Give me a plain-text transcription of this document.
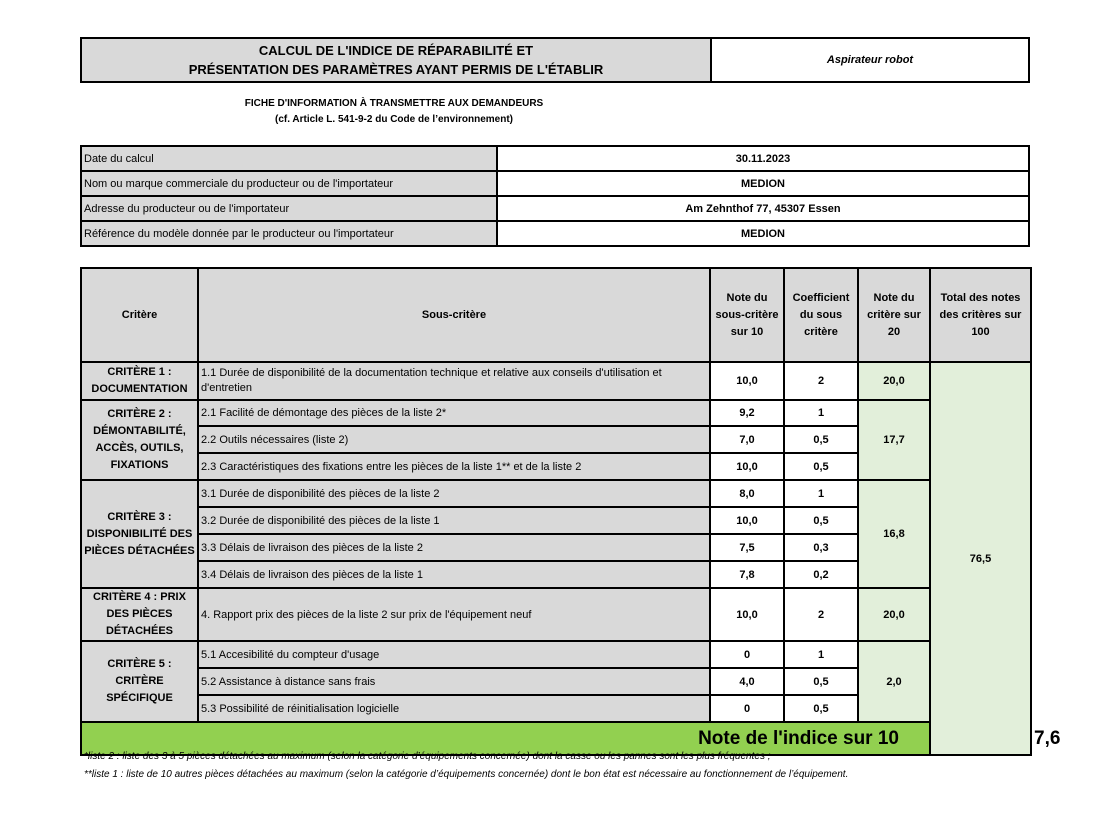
CALCUL DE L'INDICE DE RÉPARABILITÉ ET
PRÉSENTATION DES PARAMÈTRES AYANT PERMIS DE L'ÉTABLIR
Aspirateur robot
FICHE D'INFORMATION À TRANSMETTRE AUX DEMANDEURS
(cf. Article L. 541-9-2 du Code de l’environnement)
Date du calcul	30.11.2023
Nom ou marque commerciale du producteur ou de l'importateur	MEDION
Adresse du producteur ou de l'importateur	Am Zehnthof 77, 45307 Essen
Référence du modèle donnée par le producteur ou l'importateur	MEDION
Critère	Sous-critère	Note du sous-critère sur 10	Coefficient du sous critère	Note du critère sur 20	Total des notes des critères sur 100	
CRITÈRE 1 : DOCUMENTATION	1.1 Durée de disponibilité de la documentation technique et relative aux conseils d'utilisation et d'entretien	10,0	2	20,0	76,5	
CRITÈRE 2 : DÉMONTABILITÉ, ACCÈS, OUTILS, FIXATIONS	2.1 Facilité de démontage des pièces de la liste 2*	9,2	1	17,7		
	2.2 Outils nécessaires (liste 2)	7,0	0,5			
	2.3 Caractéristiques des fixations entre les pièces de la liste 1** et de la liste 2	10,0	0,5			
CRITÈRE 3 : DISPONIBILITÉ DES PIÈCES DÉTACHÉES	3.1 Durée de disponibilité des pièces de la liste 2	8,0	1	16,8		
	3.2 Durée de disponibilité des pièces de la liste 1	10,0	0,5			
	3.3 Délais de livraison des pièces de la liste 2	7,5	0,3			
	3.4 Délais de livraison des pièces de la liste 1	7,8	0,2			
CRITÈRE 4 : PRIX DES PIÈCES DÉTACHÉES	4. Rapport prix des pièces de la liste 2 sur prix de l'équipement neuf	10,0	2	20,0		
CRITÈRE 5 : CRITÈRE SPÉCIFIQUE	5.1 Accesibilité du compteur d'usage	0	1	2,0		
	5.2 Assistance à distance sans frais	4,0	0,5			
	5.3 Possibilité de réinitialisation logicielle	0	0,5			
Note de l'indice sur 10						7,6
*liste 2 : liste des 3 à 5 pièces détachées au maximum (selon la catégorie d’équipements concernée) dont la casse ou les pannes sont les plus fréquentes ;
**liste 1 : liste de 10 autres pièces détachées au maximum (selon la catégorie d’équipements concernée) dont le bon état est nécessaire au fonctionnement de l’équipement.
